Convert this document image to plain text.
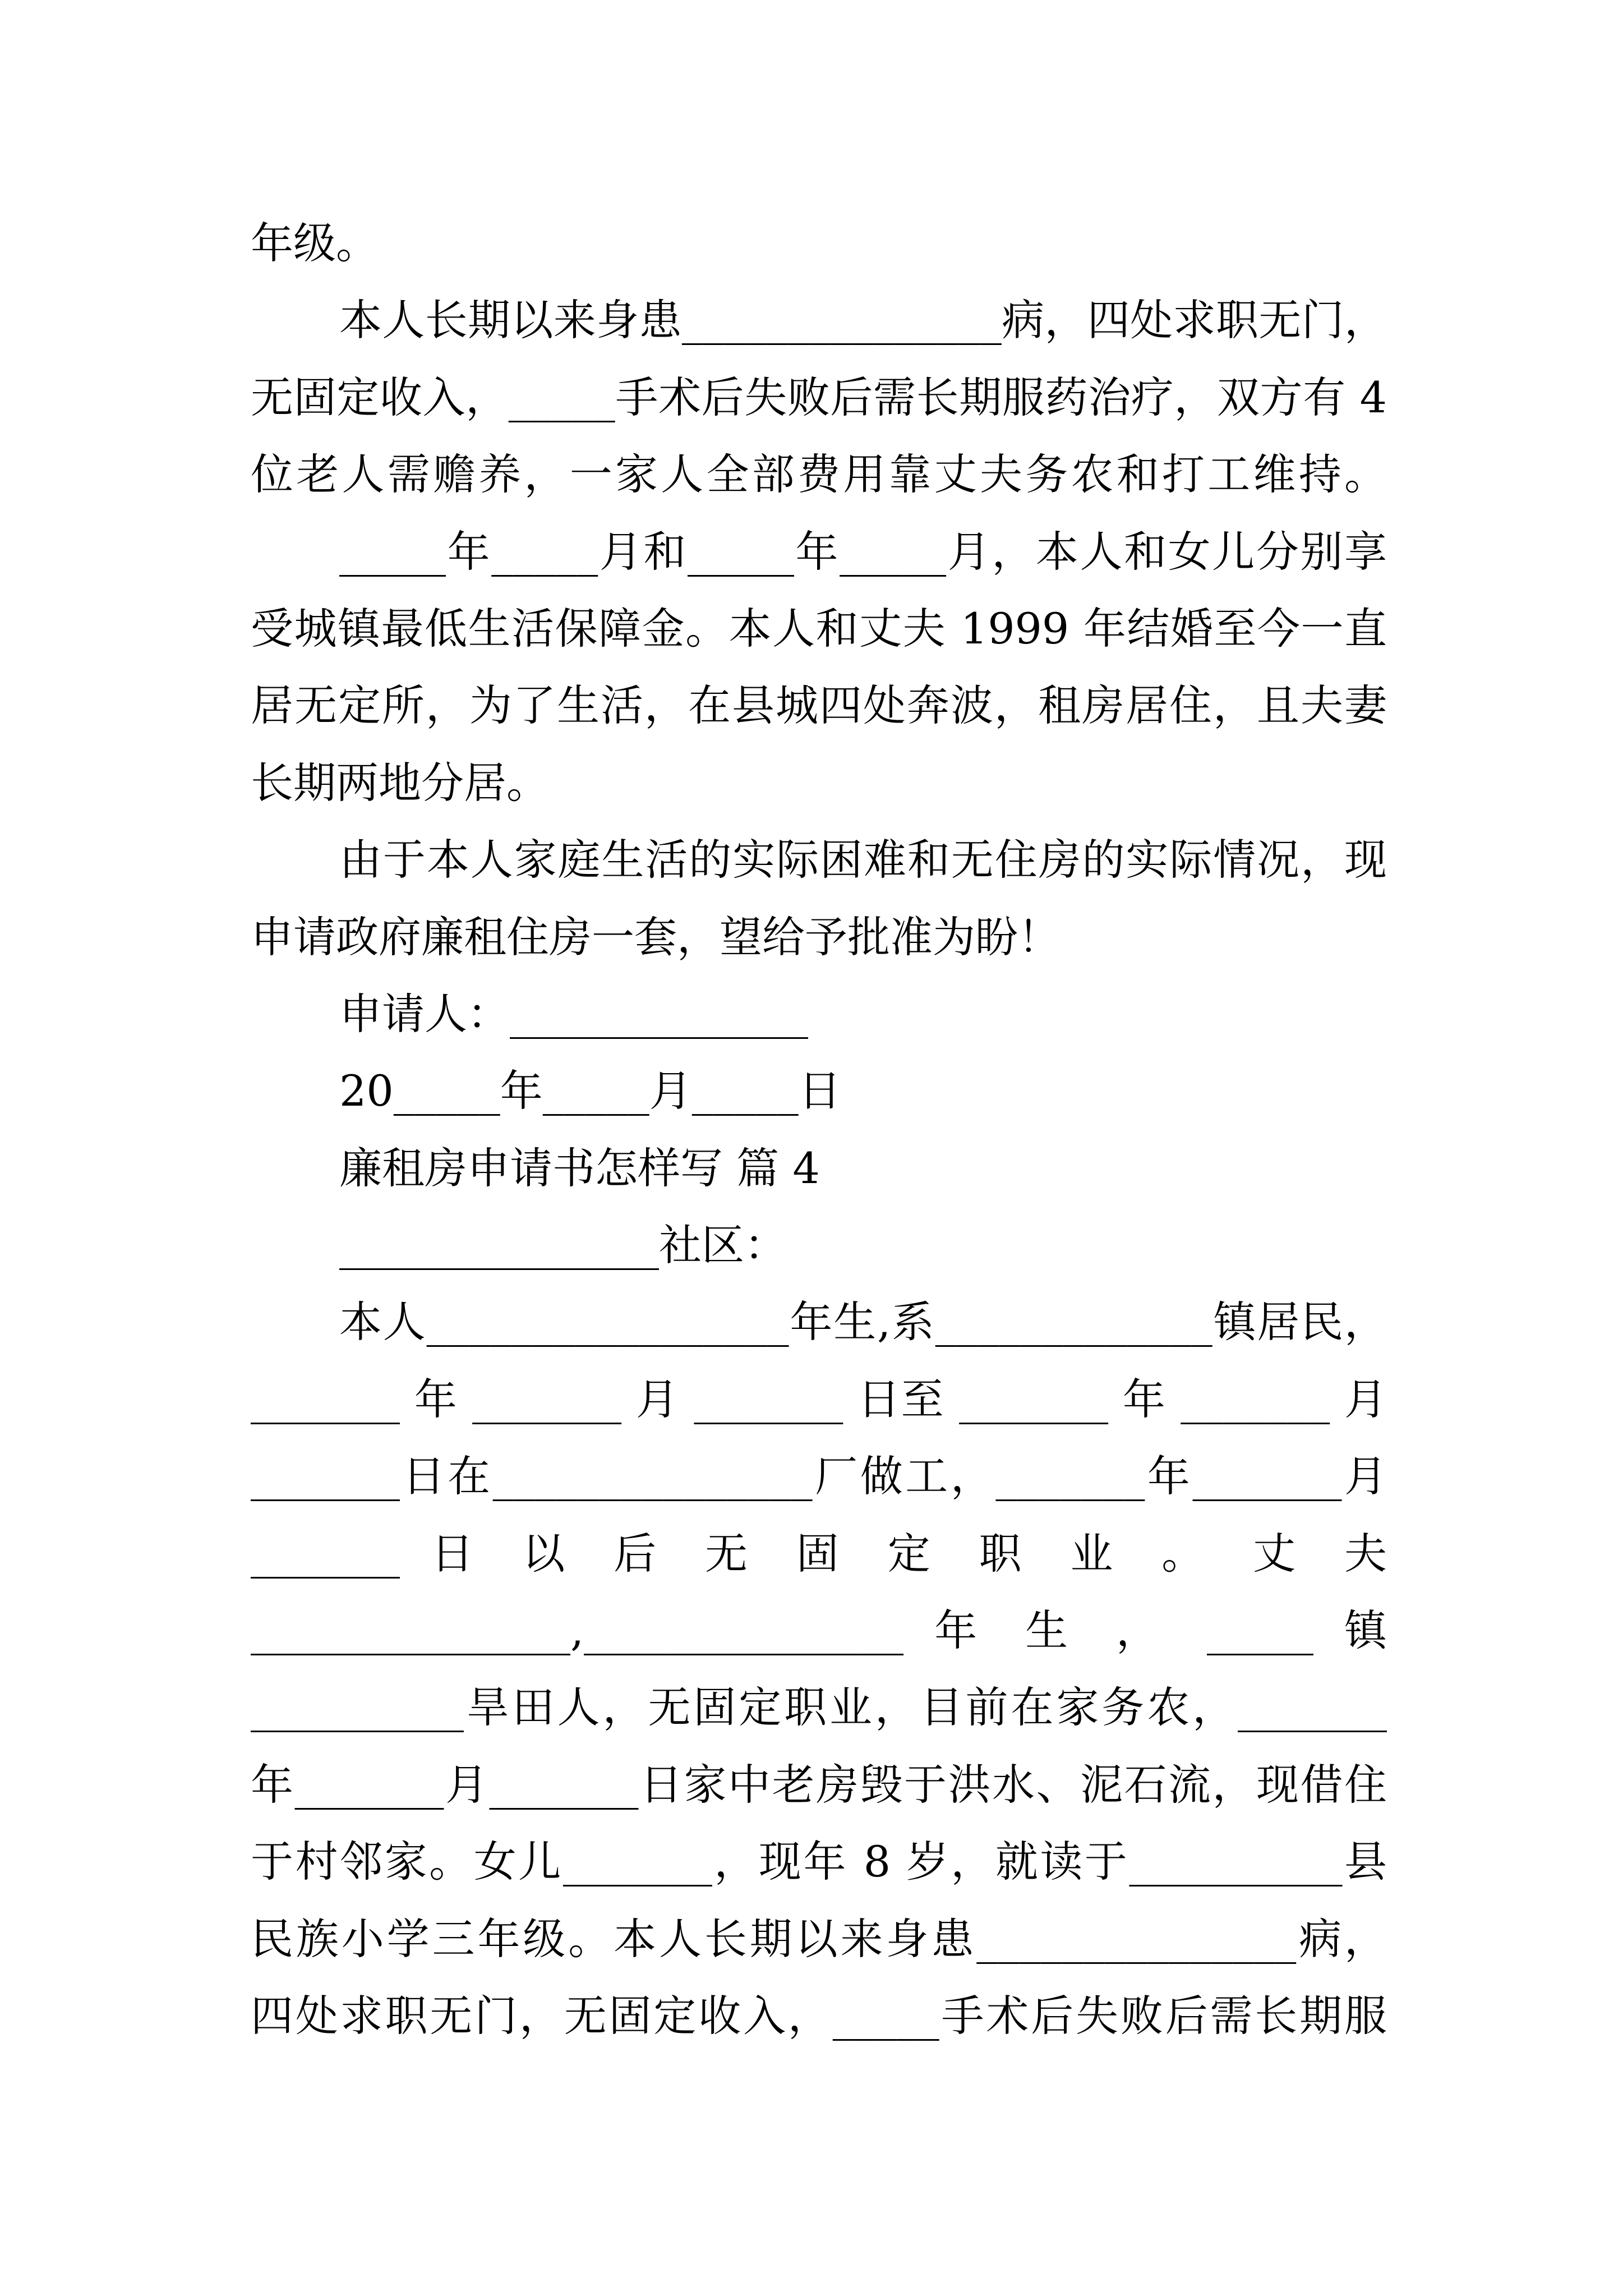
年级。
本人长期以来身患_______________病，四处求职无门，
无固定收入，_____手术后失败后需长期服药治疗，双方有 4
位老人需赡养，一家人全部费用靠丈夫务农和打工维持。
_____年_____月和_____年_____月，本人和女儿分别享
受城镇最低生活保障金。本人和丈夫 1999 年结婚至今一直
居无定所，为了生活，在县城四处奔波，租房居住，且夫妻
长期两地分居。
由于本人家庭生活的实际困难和无住房的实际情况，现
申请政府廉租住房一套，望给予批准为盼！
申请人：______________
20_____年_____月_____日
廉租房申请书怎样写 篇 4
_______________社区：
本人_________________年生,系_____________镇居民，
_______ 年 _______ 月 _______ 日至 _______ 年 _______ 月
_______日在_______________厂做工，_______年_______月
_______ 日 以 后 无 固 定 职 业 。 丈 夫
_______________,_______________ 年 生 ， _____ 镇
__________旱田人，无固定职业，目前在家务农，_______
年_______月_______日家中老房毁于洪水、泥石流，现借住
于村邻家。女儿_______，现年 8 岁，就读于__________县
民族小学三年级。本人长期以来身患_______________病，
四处求职无门，无固定收入，_____手术后失败后需长期服
